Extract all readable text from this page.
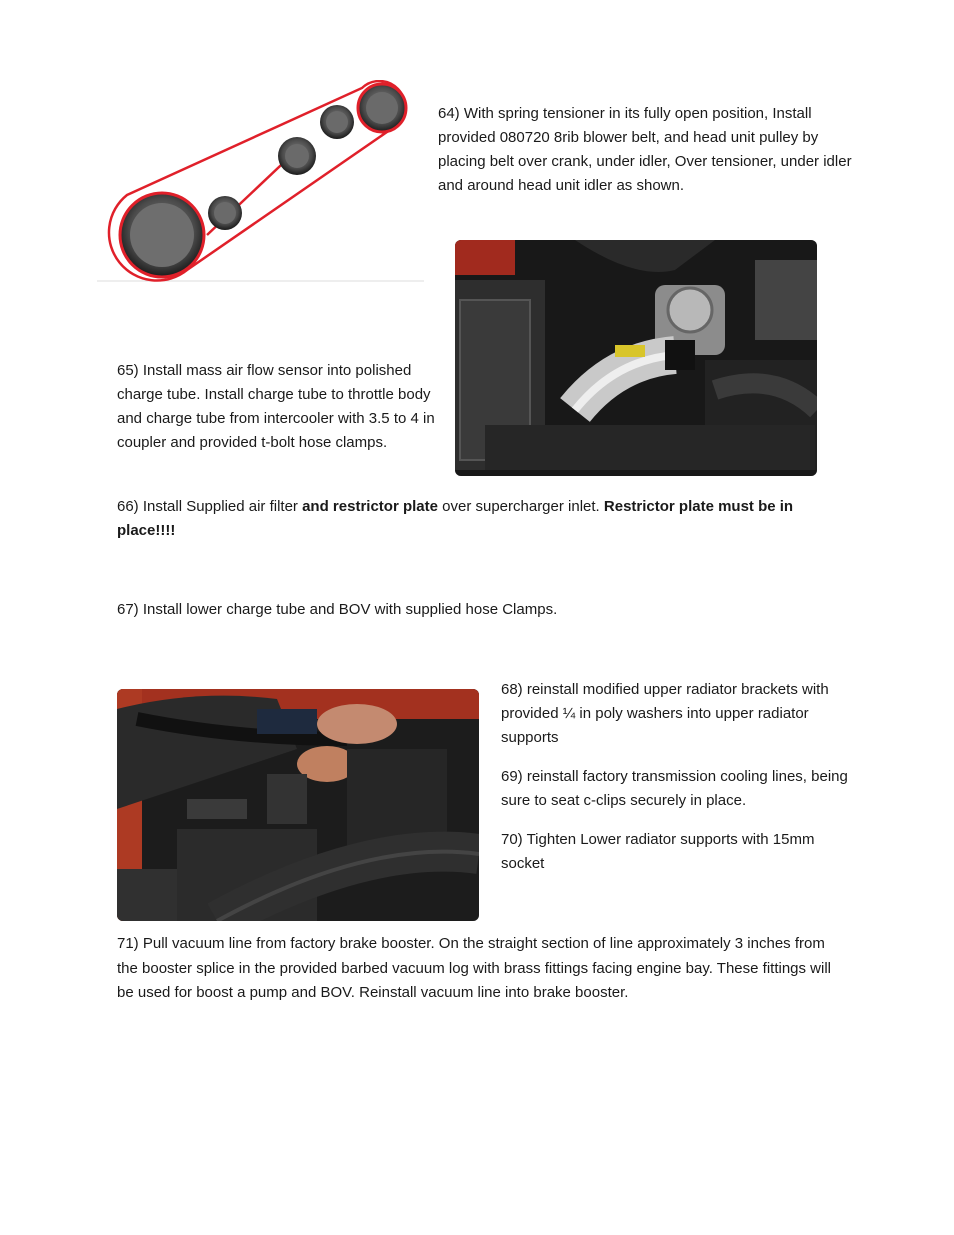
64) With spring tensioner in its fully open position, Install provided 080720 8rib blower belt, and head unit pulley by placing belt over crank, under idler, Over tensioner, under idler and around head unit idler as shown.

65) Install mass air flow sensor into polished charge tube. Install charge tube to throttle body and charge tube from intercooler with 3.5 to 4 in coupler and provided t-bolt hose clamps.

66) Install Supplied air filter and restrictor plate over supercharger inlet. Restrictor plate must be in place!!!!

67) Install lower charge tube and BOV with supplied hose Clamps.

68) reinstall modified upper radiator brackets with provided ¼ in poly washers into upper radiator supports

69) reinstall factory transmission cooling lines, being sure to seat c-clips securely in place.

70) Tighten Lower radiator supports with 15mm socket

71) Pull vacuum line from factory brake booster. On the straight section of line approximately 3 inches from the booster splice in the provided barbed vacuum log with brass fittings facing engine bay. These fittings will be used for boost a pump and BOV. Reinstall vacuum line into brake booster.
